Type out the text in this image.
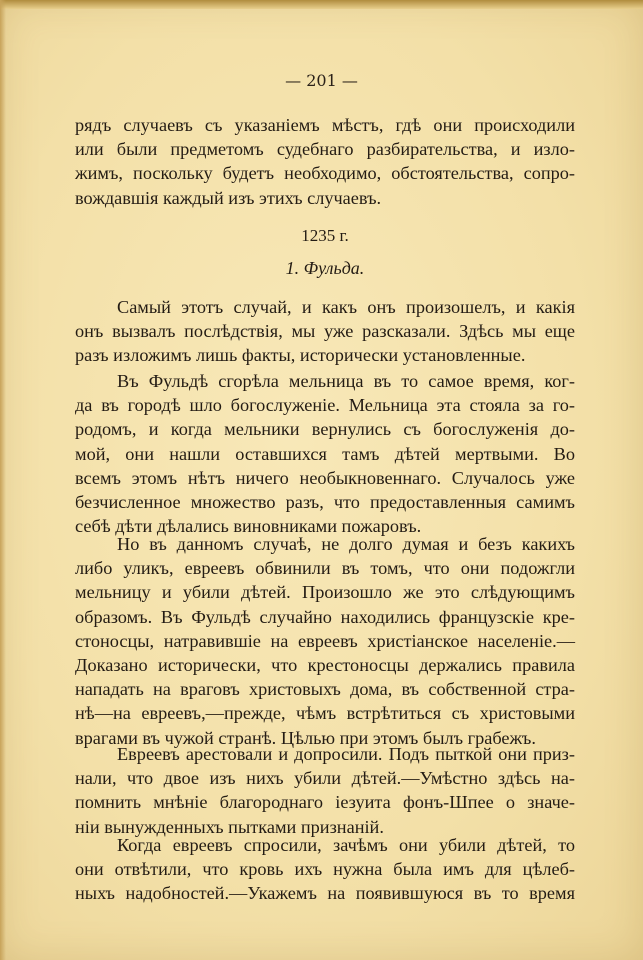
— 201 —
рядъ случаевъ съ указаніемъ мѣстъ, гдѣ они происходили
или были предметомъ судебнаго разбирательства, и изло-
жимъ, поскольку будетъ необходимо, обстоятельства, сопро-
вождавшія каждый изъ этихъ случаевъ.
1235 г.
1. Фульда.
Самый этотъ случай, и какъ онъ произошелъ, и какія
онъ вызвалъ послѣдствія, мы уже разсказали. Здѣсь мы еще
разъ изложимъ лишь факты, исторически установленные.
Въ Фульдѣ сгорѣла мельница въ то самое время, ког-
да въ городѣ шло богослуженіе. Мельница эта стояла за го-
родомъ, и когда мельники вернулись съ богослуженія до-
мой, они нашли оставшихся тамъ дѣтей мертвыми. Во
всемъ этомъ нѣтъ ничего необыкновеннаго. Случалось уже
безчисленное множество разъ, что предоставленныя самимъ
себѣ дѣти дѣлались виновниками пожаровъ.
Но въ данномъ случаѣ, не долго думая и безъ какихъ
либо уликъ, евреевъ обвинили въ томъ, что они подожгли
мельницу и убили дѣтей. Произошло же это слѣдующимъ
образомъ. Въ Фульдѣ случайно находились французскіе кре-
стоносцы, натравившіе на евреевъ христіанское населеніе.—
Доказано исторически, что крестоносцы держались правила
нападать на враговъ христовыхъ дома, въ собственной стра-
нѣ—на евреевъ,—прежде, чѣмъ встрѣтиться съ христовыми
врагами въ чужой странѣ. Цѣлью при этомъ былъ грабежъ.
Евреевъ арестовали и допросили. Подъ пыткой они приз-
нали, что двое изъ нихъ убили дѣтей.—Умѣстно здѣсь на-
помнить мнѣніе благороднаго іезуита фонъ-Шпее о значе-
ніи вынужденныхъ пытками признаній.
Когда евреевъ спросили, зачѣмъ они убили дѣтей, то
они отвѣтили, что кровь ихъ нужна была имъ для цѣлеб-
ныхъ надобностей.—Укажемъ на появившуюся въ то время
